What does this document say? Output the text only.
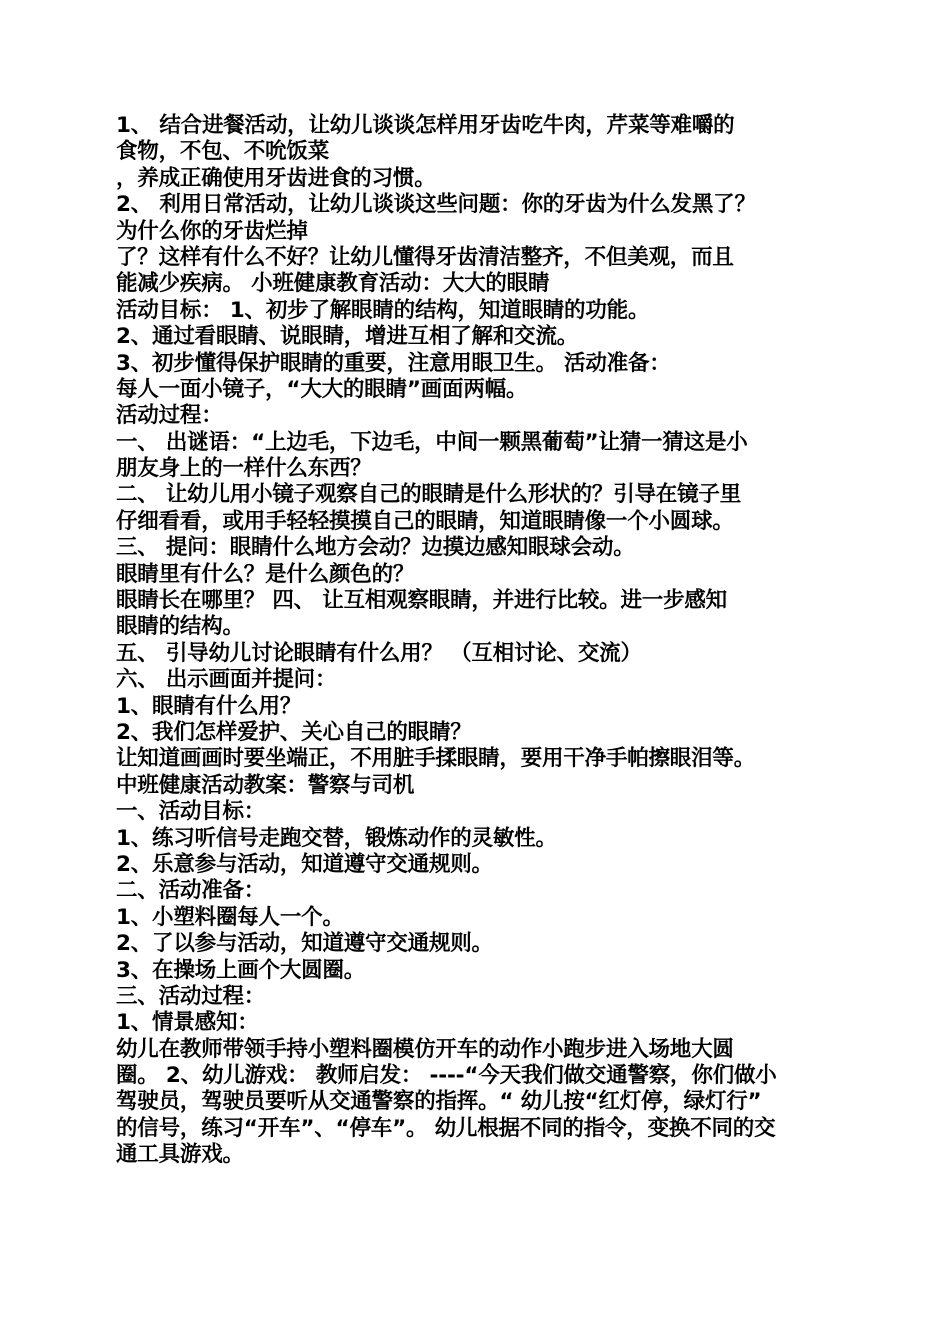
1、 结合进餐活动，让幼儿谈谈怎样用牙齿吃牛肉，芹菜等难嚼的
食物，不包、不吮饭菜
，养成正确使用牙齿进食的习惯。
2、 利用日常活动，让幼儿谈谈这些问题：你的牙齿为什么发黑了？
为什么你的牙齿烂掉
了？这样有什么不好？让幼儿懂得牙齿清洁整齐，不但美观，而且
能减少疾病。 小班健康教育活动：大大的眼睛
活动目标： 1、初步了解眼睛的结构，知道眼睛的功能。
2、通过看眼睛、说眼睛，增进互相了解和交流。
3、初步懂得保护眼睛的重要，注意用眼卫生。 活动准备：
每人一面小镜子，“大大的眼睛”画面两幅。
活动过程：
一、 出谜语：“上边毛，下边毛，中间一颗黑葡萄”让猜一猜这是小
朋友身上的一样什么东西？
二、 让幼儿用小镜子观察自己的眼睛是什么形状的？引导在镜子里
仔细看看，或用手轻轻摸摸自己的眼睛，知道眼睛像一个小圆球。
三、 提问：眼睛什么地方会动？边摸边感知眼球会动。
眼睛里有什么？是什么颜色的？
眼睛长在哪里？ 四、 让互相观察眼睛，并进行比较。进一步感知
眼睛的结构。
五、 引导幼儿讨论眼睛有什么用？ （互相讨论、交流）
六、 出示画面并提问：
1、眼睛有什么用？
2、我们怎样爱护、关心自己的眼睛？
让知道画画时要坐端正，不用脏手揉眼睛，要用干净手帕擦眼泪等。
中班健康活动教案：警察与司机
一、活动目标：
1、练习听信号走跑交替，锻炼动作的灵敏性。
2、乐意参与活动，知道遵守交通规则。
二、活动准备：
1、小塑料圈每人一个。
2、了以参与活动，知道遵守交通规则。
3、在操场上画个大圆圈。
三、活动过程：
1、情景感知：
幼儿在教师带领手持小塑料圈模仿开车的动作小跑步进入场地大圆
圈。 2、幼儿游戏： 教师启发： ----“今天我们做交通警察，你们做小
驾驶员，驾驶员要听从交通警察的指挥。“ 幼儿按“红灯停，绿灯行”
的信号，练习“开车”、“停车”。 幼儿根据不同的指令，变换不同的交
通工具游戏。
